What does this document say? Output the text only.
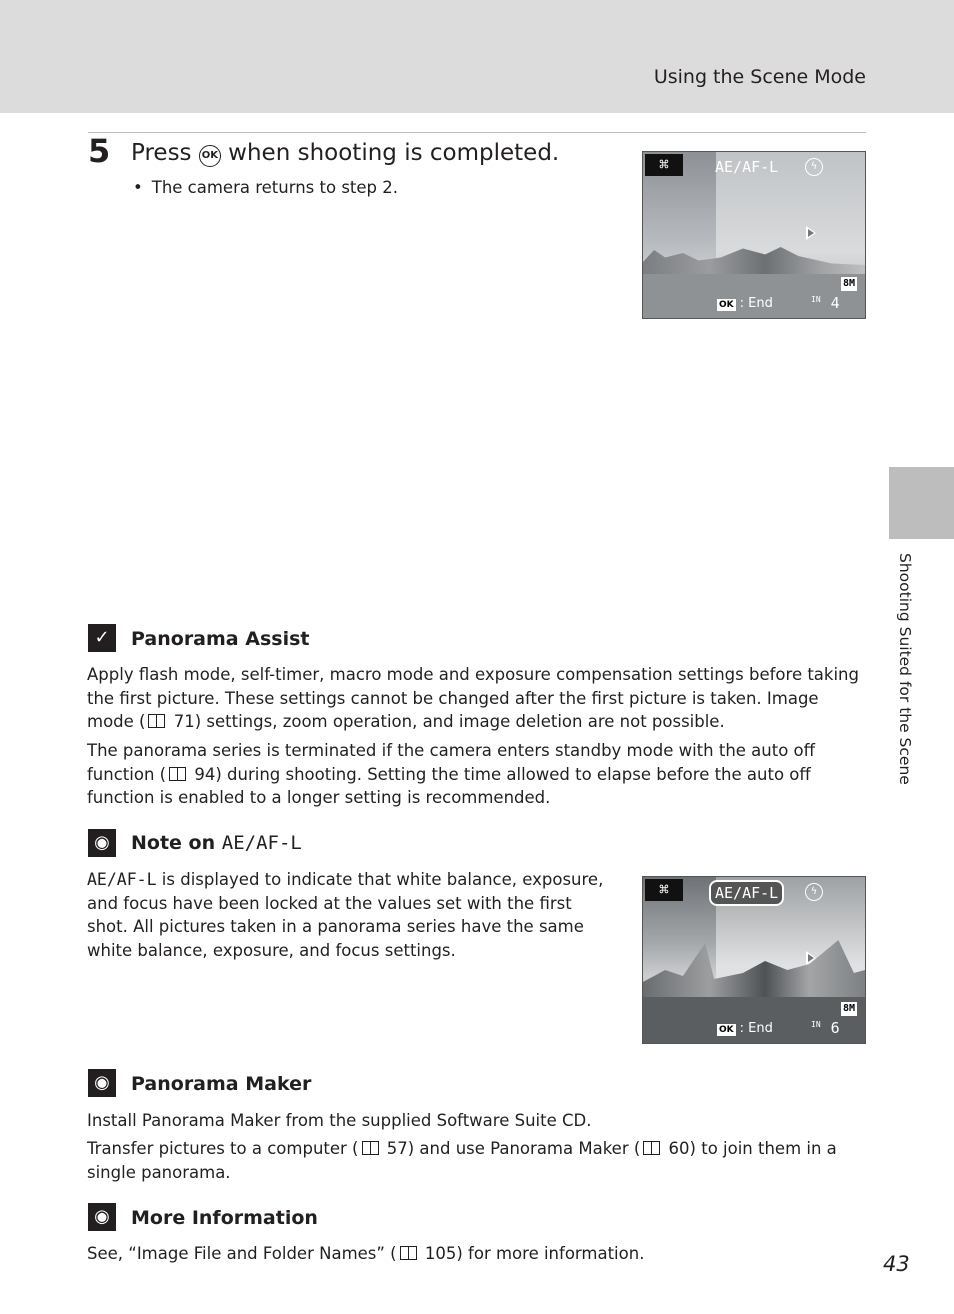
Using the Scene Mode
5 Press OK when shooting is completed.
• The camera returns to step 2.
⌘	AE/AF-L	ϟ
8M
OK : End	$^{IN}$ 4
✓	Panorama Assist
Apply flash mode, self-timer, macro mode and exposure compensation settings before taking the first picture. These settings cannot be changed after the first picture is taken. Image mode ( 71) settings, zoom operation, and image deletion are not possible.
The panorama series is terminated if the camera enters standby mode with the auto off function ( 94) during shooting. Setting the time allowed to elapse before the auto off function is enabled to a longer setting is recommended.
◉	Note on AE/AF-L
AE/AF-L is displayed to indicate that white balance, exposure, and focus have been locked at the values set with the first shot. All pictures taken in a panorama series have the same white balance, exposure, and focus settings.
⌘	AE/AF-L	ϟ
8M
OK : End	$^{IN}$ 6
◉	Panorama Maker
Install Panorama Maker from the supplied Software Suite CD.
Transfer pictures to a computer ( 57) and use Panorama Maker ( 60) to join them in a single panorama.
◉	More Information
See, “Image File and Folder Names” ( 105) for more information.
Shooting Suited for the Scene
43
